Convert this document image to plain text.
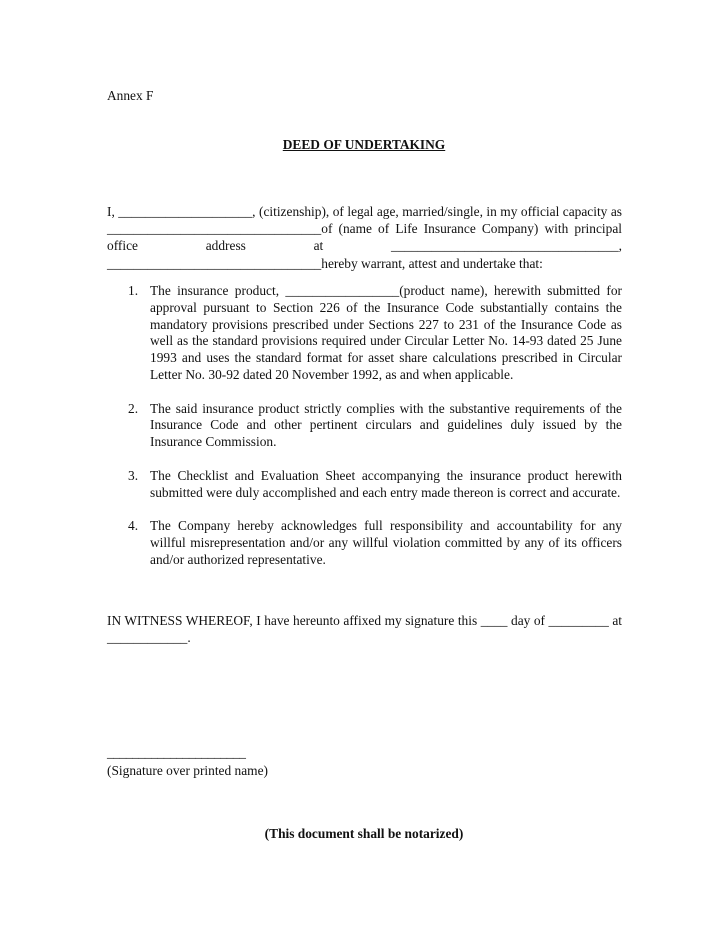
Annex F

DEED OF UNDERTAKING

I, ____________________, (citizenship), of legal age, married/single, in my official capacity as ________________________________of (name of Life Insurance Company) with principal office address at __________________________________, ________________________________hereby warrant, attest and undertake that:

1. The insurance product, _________________(product name), herewith submitted for approval pursuant to Section 226 of the Insurance Code substantially contains the mandatory provisions prescribed under Sections 227 to 231 of the Insurance Code as well as the standard provisions required under Circular Letter No. 14-93 dated 25 June 1993 and uses the standard format for asset share calculations prescribed in Circular Letter No. 30-92 dated 20 November 1992, as and when applicable.
2. The said insurance product strictly complies with the substantive requirements of the Insurance Code and other pertinent circulars and guidelines duly issued by the Insurance Commission.
3. The Checklist and Evaluation Sheet accompanying the insurance product herewith submitted were duly accomplished and each entry made thereon is correct and accurate.
4. The Company hereby acknowledges full responsibility and accountability for any willful misrepresentation and/or any willful violation committed by any of its officers and/or authorized representative.

IN WITNESS WHEREOF, I have hereunto affixed my signature this ____ day of _________ at ____________.

______________________

(Signature over printed name)

(This document shall be notarized)
